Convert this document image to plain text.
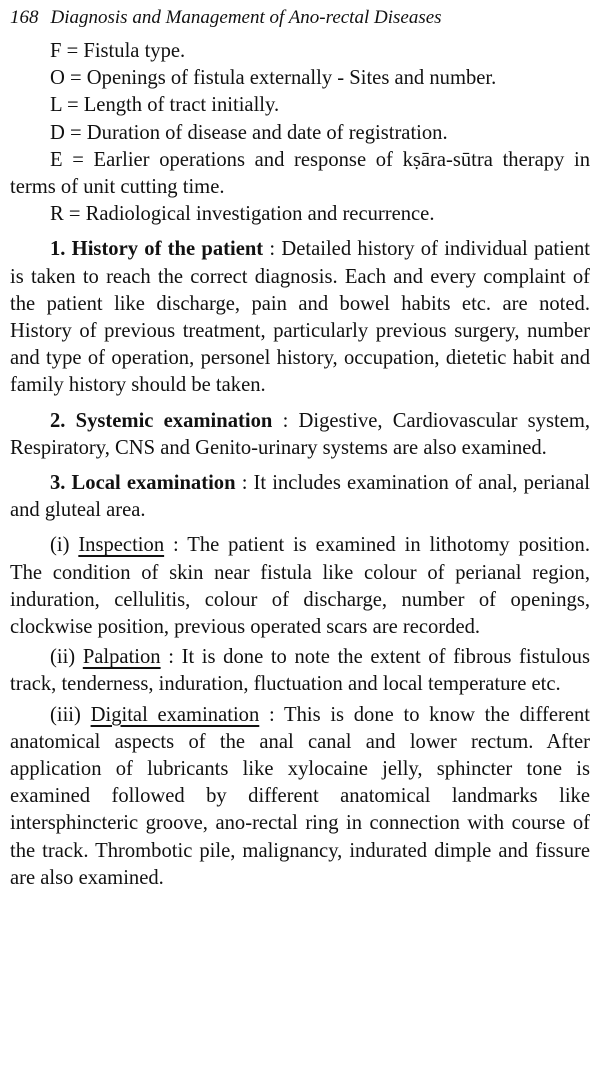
168 Diagnosis and Management of Ano-rectal Diseases

F = Fistula type.

O = Openings of fistula externally - Sites and number.

L = Length of tract initially.

D = Duration of disease and date of registration.

E = Earlier operations and response of kṣāra-sūtra therapy in terms of unit cutting time.

R = Radiological investigation and recurrence.

1. History of the patient : Detailed history of individual patient is taken to reach the correct diagnosis. Each and every complaint of the patient like discharge, pain and bowel habits etc. are noted. History of previous treatment, particularly previous surgery, number and type of operation, personel history, occupation, dietetic habit and family history should be taken.

2. Systemic examination : Digestive, Cardiovascular system, Respiratory, CNS and Genito-urinary systems are also examined.

3. Local examination : It includes examination of anal, perianal and gluteal area.

(i) Inspection : The patient is examined in lithotomy position. The condition of skin near fistula like colour of perianal region, induration, cellulitis, colour of discharge, number of openings, clockwise position, previous operated scars are recorded.

(ii) Palpation : It is done to note the extent of fibrous fistulous track, tenderness, induration, fluctuation and local temperature etc.

(iii) Digital examination : This is done to know the different anatomical aspects of the anal canal and lower rectum. After application of lubricants like xylocaine jelly, sphincter tone is examined followed by different anatomical landmarks like intersphincteric groove, ano-rectal ring in connection with course of the track. Thrombotic pile, malignancy, indurated dimple and fissure are also examined.
